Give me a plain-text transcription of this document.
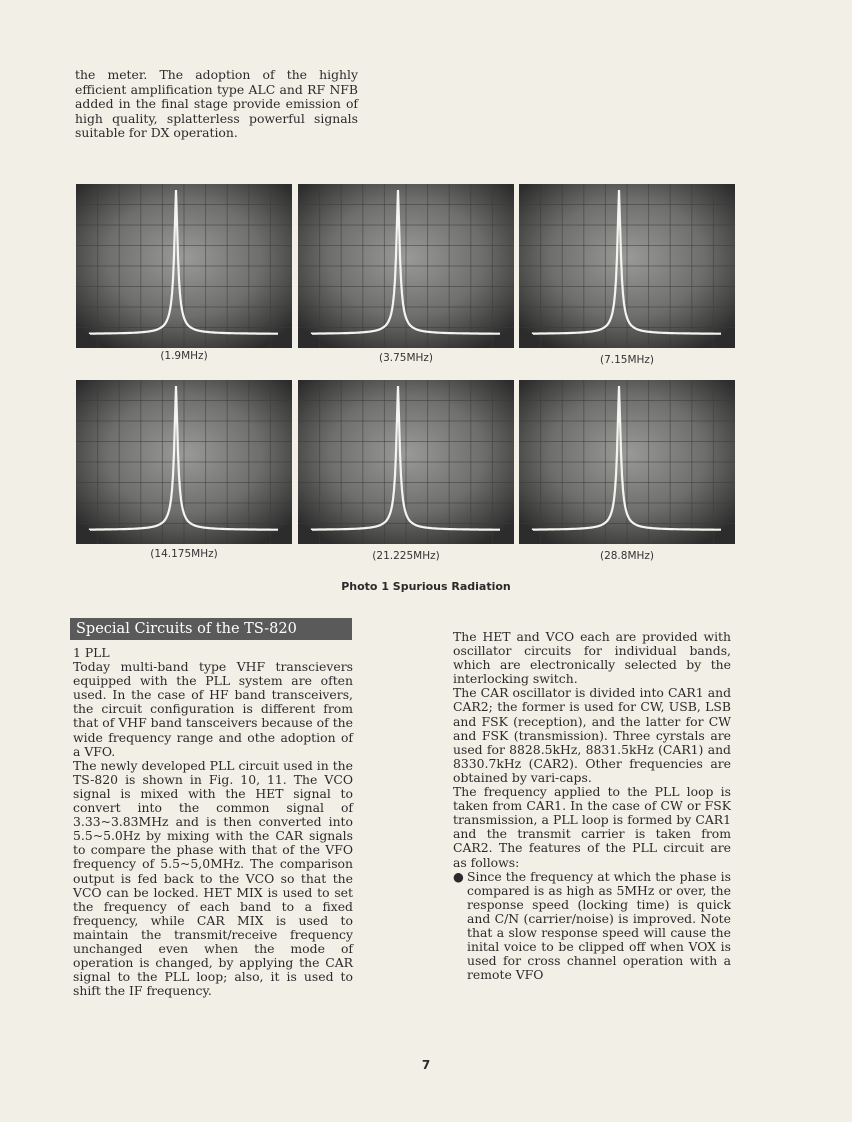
the meter. The adoption of the highly efficient amplification type ALC and RF NFB added in the final stage provide emission of high quality, splatterless powerful signals suitable for DX operation.

(1.9MHz)	(3.75MHz)	(7.15MHz)
(14.175MHz)	(21.225MHz)	(28.8MHz)
Photo 1 Spurious Radiation
Special Circuits of the TS-820

1 PLL

Today multi-band type VHF transcievers equipped with the PLL system are often used. In the case of HF band transceivers, the circuit configuration is different from that of VHF band tansceivers because of the wide frequency range and othe adoption of a VFO.

The newly developed PLL circuit used in the TS-820 is shown in Fig. 10, 11. The VCO signal is mixed with the HET signal to convert into the common signal of 3.33~3.83MHz and is then converted into 5.5~5.0Hz by mixing with the CAR signals to compare the phase with that of the VFO frequency of 5.5~5,0MHz. The comparison output is fed back to the VCO so that the VCO can be locked. HET MIX is used to set the frequency of each band to a fixed frequency, while CAR MIX is used to maintain the transmit/receive frequency unchanged even when the mode of operation is changed, by applying the CAR signal to the PLL loop; also, it is used to shift the IF frequency.

The HET and VCO each are provided with oscillator circuits for individual bands, which are electronically selected by the interlocking switch.

The CAR oscillator is divided into CAR1 and CAR2; the former is used for CW, USB, LSB and FSK (reception), and the latter for CW and FSK (transmission). Three cyrstals are used for 8828.5kHz, 8831.5kHz (CAR1) and 8330.7kHz (CAR2). Other frequencies are obtained by vari-caps.

The frequency applied to the PLL loop is taken from CAR1. In the case of CW or FSK transmission, a PLL loop is formed by CAR1 and the transmit carrier is taken from CAR2. The features of the PLL circuit are as follows:

● Since the frequency at which the phase is compared is as high as 5MHz or over, the response speed (locking time) is quick and C/N (carrier/noise) is improved. Note that a slow response speed will cause the inital voice to be clipped off when VOX is used for cross channel operation with a remote VFO
7
